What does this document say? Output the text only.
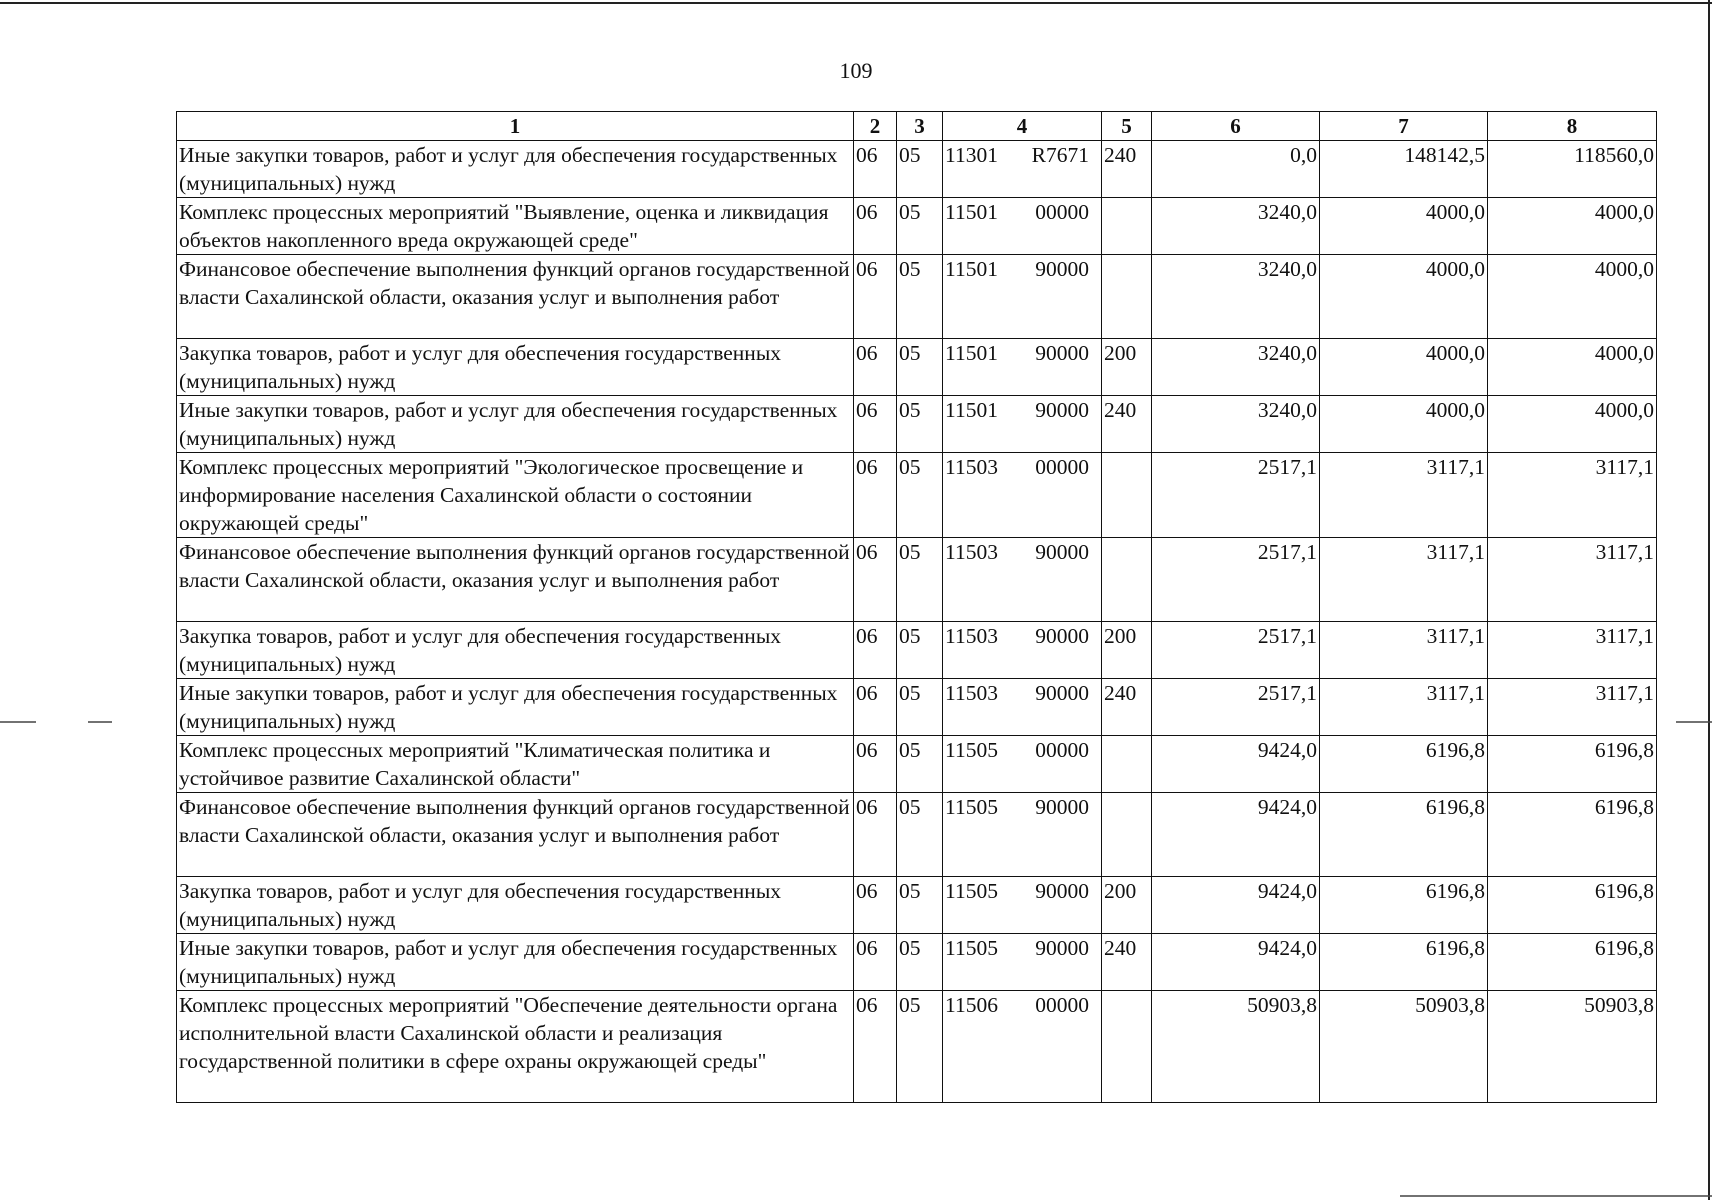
109
1	2	3	4	5	6	7	8
Иные закупки товаров, работ и услуг для обеспечения государственных (муниципальных) нужд	06	05	11301 R7671	240	0,0	148142,5	118560,0
Комплекс процессных мероприятий "Выявление, оценка и ликвидация объектов накопленного вреда окружающей среде"	06	05	11501 00000		3240,0	4000,0	4000,0
Финансовое обеспечение выполнения функций органов государственной власти Сахалинской области, оказания услуг и выполнения работ	06	05	11501 90000		3240,0	4000,0	4000,0
Закупка товаров, работ и услуг для обеспечения государственных (муниципальных) нужд	06	05	11501 90000	200	3240,0	4000,0	4000,0
Иные закупки товаров, работ и услуг для обеспечения государственных (муниципальных) нужд	06	05	11501 90000	240	3240,0	4000,0	4000,0
Комплекс процессных мероприятий "Экологическое просвещение и информирование населения Сахалинской области о состоянии окружающей среды"	06	05	11503 00000		2517,1	3117,1	3117,1
Финансовое обеспечение выполнения функций органов государственной власти Сахалинской области, оказания услуг и выполнения работ	06	05	11503 90000		2517,1	3117,1	3117,1
Закупка товаров, работ и услуг для обеспечения государственных (муниципальных) нужд	06	05	11503 90000	200	2517,1	3117,1	3117,1
Иные закупки товаров, работ и услуг для обеспечения государственных (муниципальных) нужд	06	05	11503 90000	240	2517,1	3117,1	3117,1
Комплекс процессных мероприятий "Климатическая политика и устойчивое развитие Сахалинской области"	06	05	11505 00000		9424,0	6196,8	6196,8
Финансовое обеспечение выполнения функций органов государственной власти Сахалинской области, оказания услуг и выполнения работ	06	05	11505 90000		9424,0	6196,8	6196,8
Закупка товаров, работ и услуг для обеспечения государственных (муниципальных) нужд	06	05	11505 90000	200	9424,0	6196,8	6196,8
Иные закупки товаров, работ и услуг для обеспечения государственных (муниципальных) нужд	06	05	11505 90000	240	9424,0	6196,8	6196,8
Комплекс процессных мероприятий "Обеспечение деятельности органа исполнительной власти Сахалинской области и реализация государственной политики в сфере охраны окружающей среды"	06	05	11506 00000		50903,8	50903,8	50903,8
